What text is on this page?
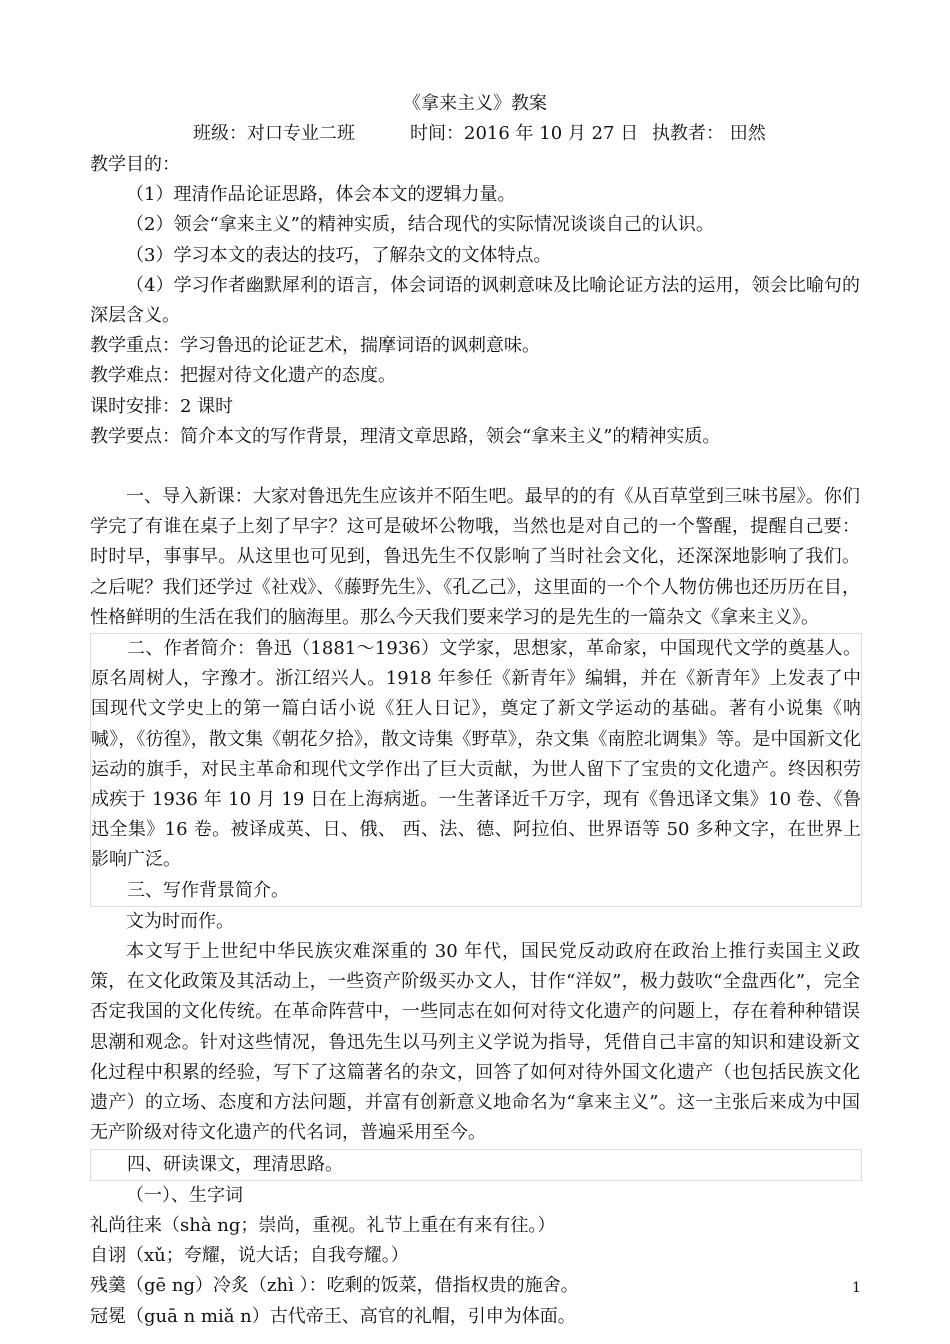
《拿来主义》教案
班级：对口专业二班	时间：2016 年 10 月 27 日 执教者： 田然

教学目的：

（1）理清作品论证思路，体会本文的逻辑力量。

（2）领会“拿来主义”的精神实质，结合现代的实际情况谈谈自己的认识。

（3）学习本文的表达的技巧，了解杂文的文体特点。

（4）学习作者幽默犀利的语言，体会词语的讽刺意味及比喻论证方法的运用，领会比喻句的深层含义。

教学重点：学习鲁迅的论证艺术，揣摩词语的讽刺意味。

教学难点：把握对待文化遗产的态度。

课时安排：2 课时

教学要点：简介本文的写作背景，理清文章思路，领会“拿来主义”的精神实质。

一、导入新课：大家对鲁迅先生应该并不陌生吧。最早的的有《从百草堂到三味书屋》。你们学完了有谁在桌子上刻了早字？这可是破坏公物哦，当然也是对自己的一个警醒，提醒自己要：时时早，事事早。从这里也可见到，鲁迅先生不仅影响了当时社会文化，还深深地影响了我们。之后呢？我们还学过《社戏》、《藤野先生》、《孔乙己》，这里面的一个个人物仿佛也还历历在目，性格鲜明的生活在我们的脑海里。那么今天我们要来学习的是先生的一篇杂文《拿来主义》。

二、作者简介：鲁迅（1881～1936）文学家，思想家，革命家，中国现代文学的奠基人。原名周树人，字豫才。浙江绍兴人。1918 年参任《新青年》编辑，并在《新青年》上发表了中国现代文学史上的第一篇白话小说《狂人日记》，奠定了新文学运动的基础。著有小说集《呐喊》，《彷徨》，散文集《朝花夕拾》，散文诗集《野草》，杂文集《南腔北调集》等。是中国新文化运动的旗手，对民主革命和现代文学作出了巨大贡献，为世人留下了宝贵的文化遗产。终因积劳成疾于 1936 年 10 月 19 日在上海病逝。一生著译近千万字，现有《鲁迅译文集》10 卷、《鲁迅全集》16 卷。被译成英、日、俄、 西、法、德、阿拉伯、世界语等 50 多种文字，在世界上影响广泛。

三、写作背景简介。

文为时而作。

本文写于上世纪中华民族灾难深重的 30 年代，国民党反动政府在政治上推行卖国主义政策，在文化政策及其活动上，一些资产阶级买办文人，甘作“洋奴”，极力鼓吹“全盘西化”，完全否定我国的文化传统。在革命阵营中，一些同志在如何对待文化遗产的问题上，存在着种种错误思潮和观念。针对这些情况，鲁迅先生以马列主义学说为指导，凭借自己丰富的知识和建设新文化过程中积累的经验，写下了这篇著名的杂文，回答了如何对待外国文化遗产（也包括民族文化遗产）的立场、态度和方法问题，并富有创新意义地命名为“拿来主义”。这一主张后来成为中国无产阶级对待文化遗产的代名词，普遍采用至今。

四、研读课文，理清思路。

（一）、生字词

礼尚往来（shà ng；崇尚，重视。礼节上重在有来有往。）

自诩（xǔ；夸耀，说大话；自我夸耀。）

残羹（gē ng）冷炙（zhì ）：吃剩的饭菜，借指权贵的施舍。

冠冕（guā n miǎ n）古代帝王、高官的礼帽，引申为体面。

1
